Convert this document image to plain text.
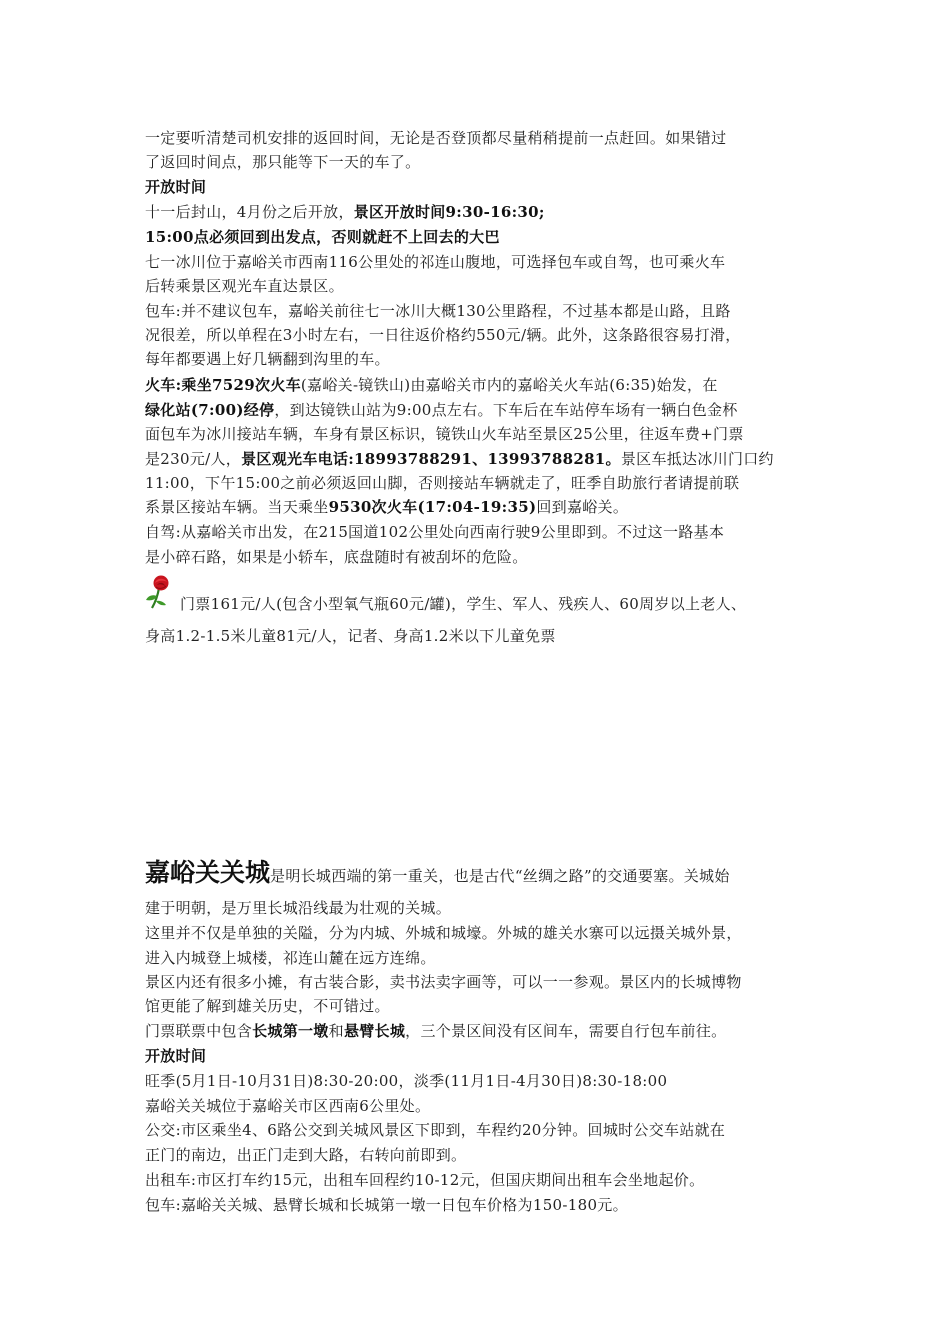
一定要听清楚司机安排的返回时间，无论是否登顶都尽量稍稍提前一点赶回。如果错过
了返回时间点，那只能等下一天的车了。
开放时间
十一后封山，4月份之后开放，景区开放时间9:30-16:30;
15:00点必须回到出发点，否则就赶不上回去的大巴
七一冰川位于嘉峪关市西南116公里处的祁连山腹地，可选择包车或自驾，也可乘火车
后转乘景区观光车直达景区。
包车:并不建议包车，嘉峪关前往七一冰川大概130公里路程，不过基本都是山路，且路
况很差，所以单程在3小时左右，一日往返价格约550元/辆。此外，这条路很容易打滑，
每年都要遇上好几辆翻到沟里的车。
火车:乘坐7529次火车(嘉峪关-镜铁山)由嘉峪关市内的嘉峪关火车站(6:35)始发，在
绿化站(7:00)经停，到达镜铁山站为9:00点左右。下车后在车站停车场有一辆白色金杯
面包车为冰川接站车辆，车身有景区标识，镜铁山火车站至景区25公里，往返车费+门票
是230元/人，景区观光车电话:18993788291、13993788281。景区车抵达冰川门口约
11:00，下午15:00之前必须返回山脚，否则接站车辆就走了，旺季自助旅行者请提前联
系景区接站车辆。当天乘坐9530次火车(17:04-19:35)回到嘉峪关。
自驾:从嘉峪关市出发，在215国道102公里处向西南行驶9公里即到。不过这一路基本
是小碎石路，如果是小轿车，底盘随时有被刮坏的危险。
门票161元/人(包含小型氧气瓶60元/罐)，学生、军人、残疾人、60周岁以上老人、
身高1.2-1.5米儿童81元/人，记者、身高1.2米以下儿童免票
嘉峪关关城是明长城西端的第一重关，也是古代“丝绸之路”的交通要塞。关城始
建于明朝，是万里长城沿线最为壮观的关城。
这里并不仅是单独的关隘，分为内城、外城和城壕。外城的雄关水寨可以远摄关城外景，
进入内城登上城楼，祁连山麓在远方连绵。
景区内还有很多小摊，有古装合影，卖书法卖字画等，可以一一参观。景区内的长城博物
馆更能了解到雄关历史，不可错过。
门票联票中包含长城第一墩和悬臂长城，三个景区间没有区间车，需要自行包车前往。
开放时间
旺季(5月1日-10月31日)8:30-20:00，淡季(11月1日-4月30日)8:30-18:00
嘉峪关关城位于嘉峪关市区西南6公里处。
公交:市区乘坐4、6路公交到关城风景区下即到，车程约20分钟。回城时公交车站就在
正门的南边，出正门走到大路，右转向前即到。
出租车:市区打车约15元，出租车回程约10-12元，但国庆期间出租车会坐地起价。
包车:嘉峪关关城、悬臂长城和长城第一墩一日包车价格为150-180元。
